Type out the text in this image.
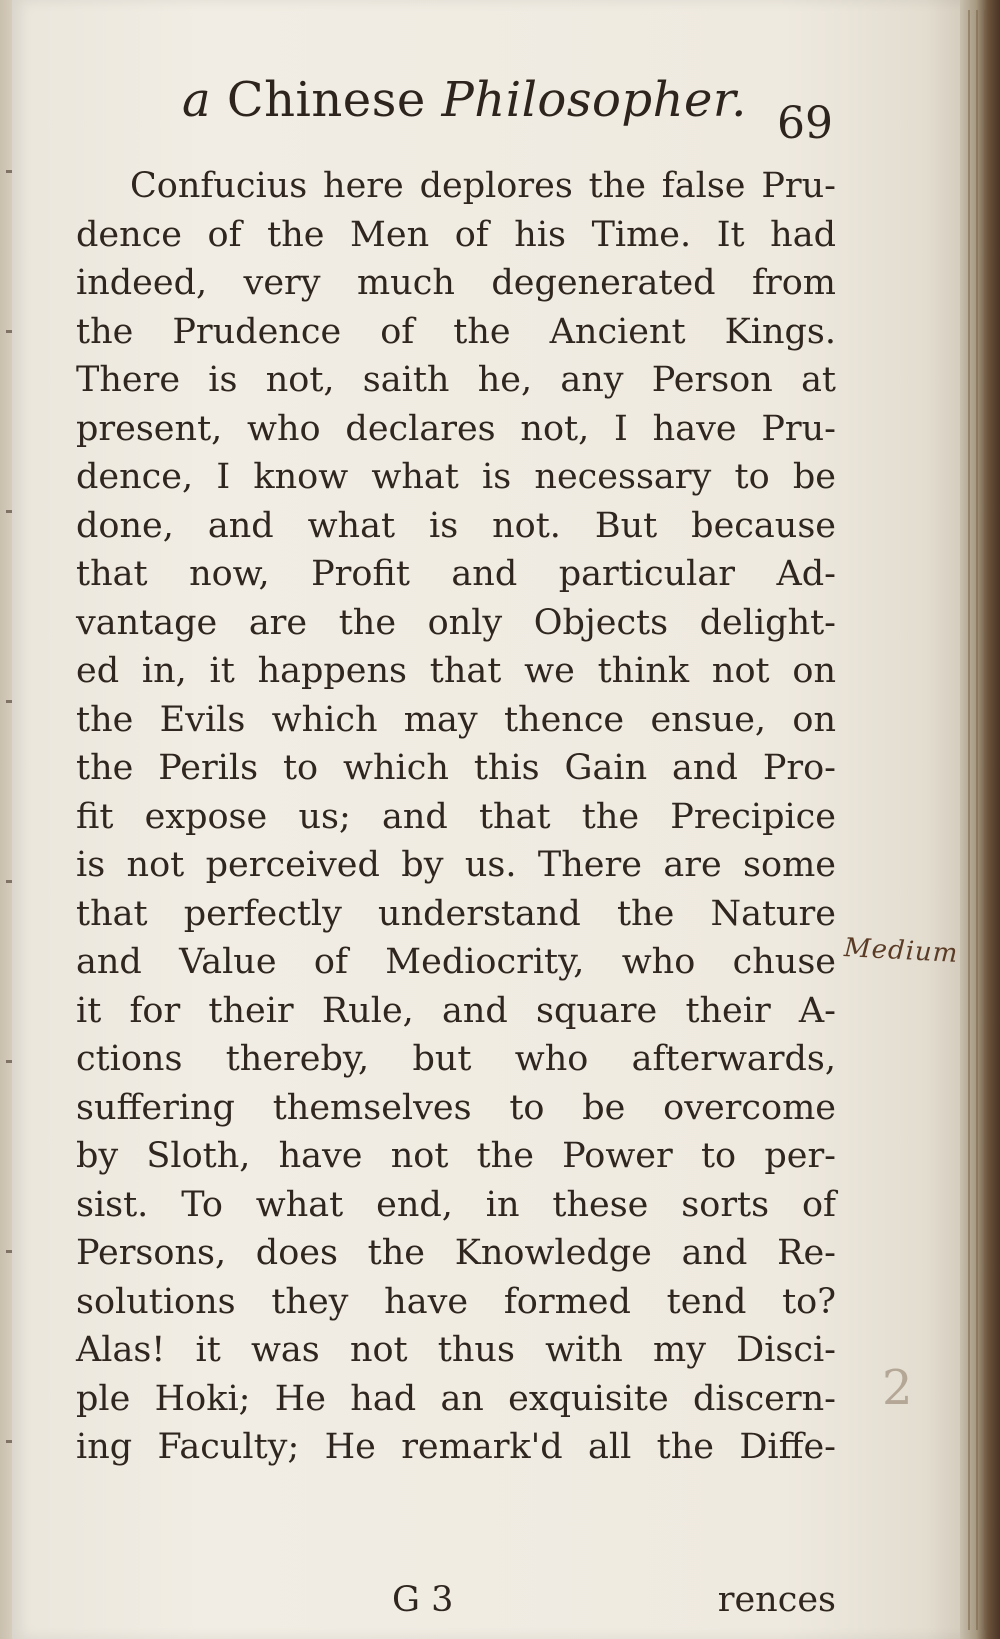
a Chinese Philosopher. 69
Confucius here deplores the false Pru-
dence of the Men of his Time. It had
indeed, very much degenerated from
the Prudence of the Ancient Kings.
There is not, saith he, any Person at
present, who declares not, I have Pru-
dence, I know what is necessary to be
done, and what is not. But because
that now, Profit and particular Ad-
vantage are the only Objects delight-
ed in, it happens that we think not on
the Evils which may thence ensue, on
the Perils to which this Gain and Pro-
fit expose us; and that the Precipice
is not perceived by us. There are some
that perfectly understand the Nature
and Value of Mediocrity, who chuse
it for their Rule, and square their A-
ctions thereby, but who afterwards,
suffering themselves to be overcome
by Sloth, have not the Power to per-
sist. To what end, in these sorts of
Persons, does the Knowledge and Re-
solutions they have formed tend to?
Alas! it was not thus with my Disci-
ple Hoki; He had an exquisite discern-
ing Faculty; He remark'd all the Diffe-
G 3	rences
Medium
2
